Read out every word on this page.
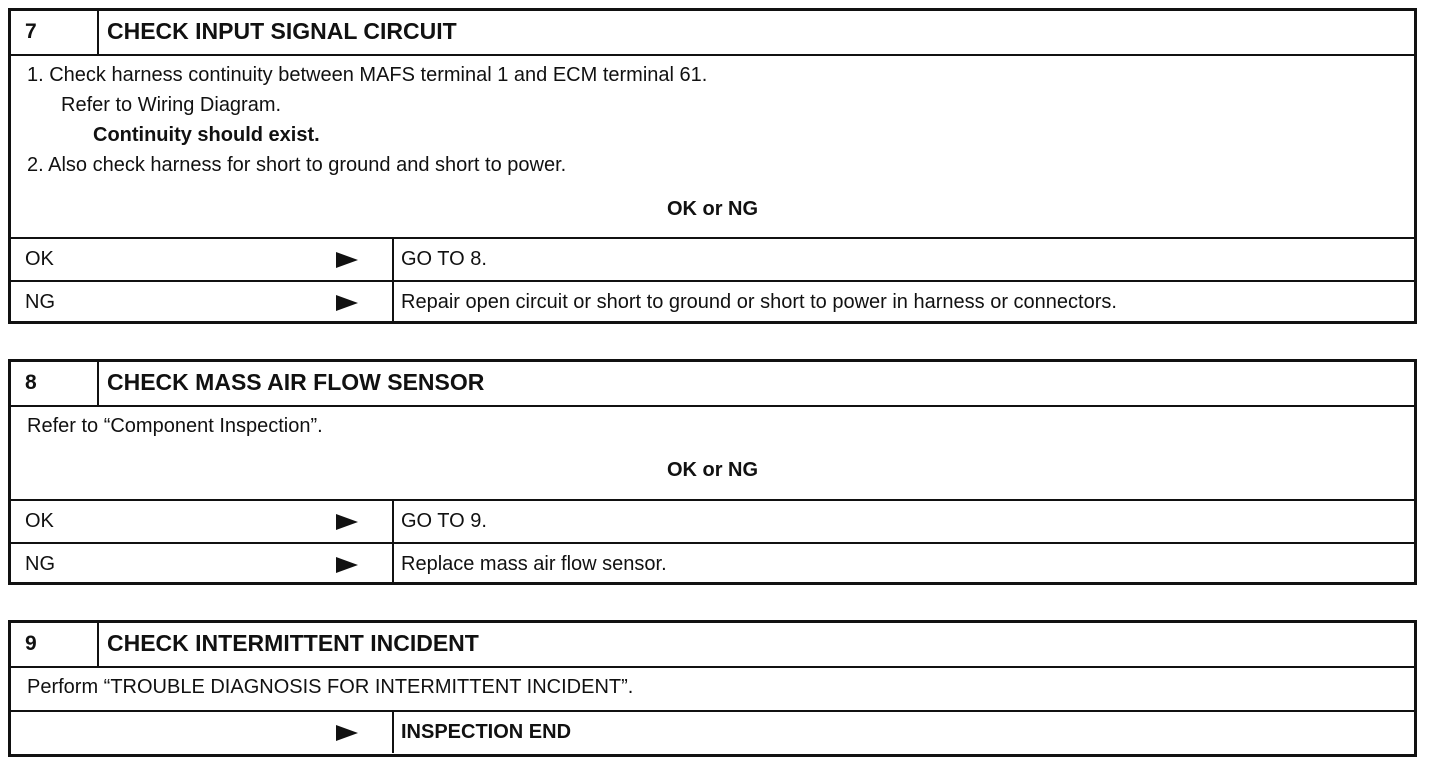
7	CHECK INPUT SIGNAL CIRCUIT
1. Check harness continuity between MAFS terminal 1 and ECM terminal 61.
Refer to Wiring Diagram.
Continuity should exist.
2. Also check harness for short to ground and short to power.
OK or NG
OK	GO TO 8.
NG	Repair open circuit or short to ground or short to power in harness or connectors.
8	CHECK MASS AIR FLOW SENSOR
Refer to “Component Inspection”.
OK or NG
OK	GO TO 9.
NG	Replace mass air flow sensor.
9	CHECK INTERMITTENT INCIDENT
Perform “TROUBLE DIAGNOSIS FOR INTERMITTENT INCIDENT”.
INSPECTION END
